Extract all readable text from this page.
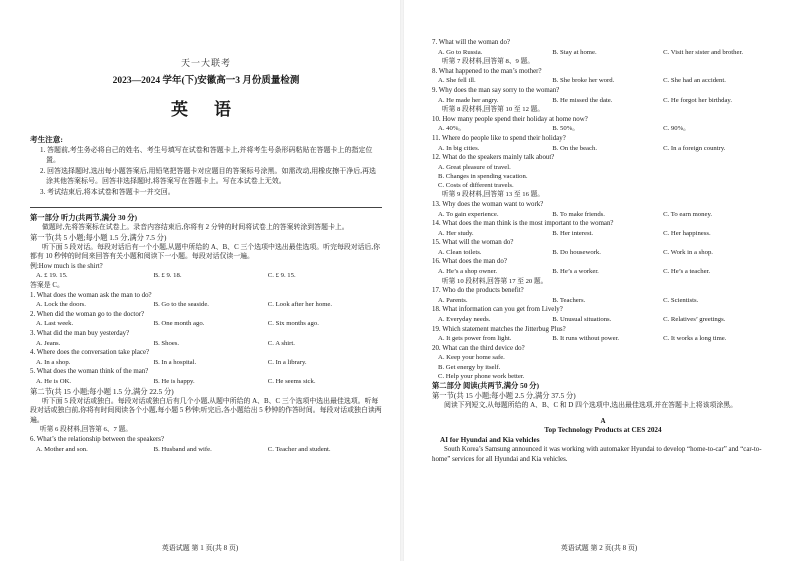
天一大联考
2023—2024 学年(下)安徽高一3 月份质量检测
英 语
考生注意:
1. 答题前,考生务必将自己的姓名、考生号填写在试卷和答题卡上,并将考生号条形码粘贴在答题卡上的指定位置。
2. 回答选择题时,选出每小题答案后,用铅笔把答题卡对应题目的答案标号涂黑。如需改动,用橡皮擦干净后,再选涂其他答案标号。回答非选择题时,将答案写在答题卡上。写在本试卷上无效。
3. 考试结束后,将本试卷和答题卡一并交回。
第一部分 听力(共两节,满分 30 分)
做题时,先将答案标在试卷上。录音内容结束后,你将有 2 分钟的时间将试卷上的答案转涂到答题卡上。
第一节(共 5 小题;每小题 1.5 分,满分 7.5 分)
听下面 5 段对话。每段对话后有一个小题,从题中所给的 A、B、C 三个选项中选出最佳选项。听完每段对话后,你都有 10 秒钟的时间来回答有关小题和阅读下一小题。每段对话仅读一遍。
例:How much is the shirt?
A. £ 19. 15.	B. £ 9. 18.	C. £ 9. 15.
答案是 C。
1. What does the woman ask the man to do?
A. Lock the doors.	B. Go to the seaside.	C. Look after her home.
2. When did the woman go to the doctor?
A. Last week.	B. One month ago.	C. Six months ago.
3. What did the man buy yesterday?
A. Jeans.	B. Shoes.	C. A shirt.
4. Where does the conversation take place?
A. In a shop.	B. In a hospital.	C. In a library.
5. What does the woman think of the man?
A. He is OK.	B. He is happy.	C. He seems sick.
第二节(共 15 小题;每小题 1.5 分,满分 22.5 分)
听下面 5 段对话或独白。每段对话或独白后有几个小题,从题中所给的 A、B、C 三个选项中选出最佳选项。听每段对话或独白前,你将有时间阅读各个小题,每小题 5 秒钟;听完后,各小题给出 5 秒钟的作答时间。每段对话或独白读两遍。
听第 6 段材料,回答第 6、7 题。
6. What’s the relationship between the speakers?
A. Mother and son.	B. Husband and wife.	C. Teacher and student.
英语试题 第 1 页(共 8 页)
7. What will the woman do?
A. Go to Russia.	B. Stay at home.	C. Visit her sister and brother.
听第 7 段材料,回答第 8、9 题。
8. What happened to the man’s mother?
A. She fell ill.	B. She broke her word.	C. She had an accident.
9. Why does the man say sorry to the woman?
A. He made her angry.	B. He missed the date.	C. He forgot her birthday.
听第 8 段材料,回答第 10 至 12 题。
10. How many people spend their holiday at home now?
A. 40%。	B. 50%。	C. 90%。
11. Where do people like to spend their holiday?
A. In big cities.	B. On the beach.	C. In a foreign country.
12. What do the speakers mainly talk about?
A. Great pleasure of travel.
B. Changes in spending vacation.
C. Costs of different travels.
听第 9 段材料,回答第 13 至 16 题。
13. Why does the woman want to work?
A. To gain experience.	B. To make friends.	C. To earn money.
14. What does the man think is the most important to the woman?
A. Her study.	B. Her interest.	C. Her happiness.
15. What will the woman do?
A. Clean toilets.	B. Do housework.	C. Work in a shop.
16. What does the man do?
A. He’s a shop owner.	B. He’s a worker.	C. He’s a teacher.
听第 10 段材料,回答第 17 至 20 题。
17. Who do the products benefit?
A. Parents.	B. Teachers.	C. Scientists.
18. What information can you get from Lively?
A. Everyday needs.	B. Unusual situations.	C. Relatives’ greetings.
19. Which statement matches the Jitterbug Plus?
A. It gets power from light.	B. It runs without power.	C. It works a long time.
20. What can the third device do?
A. Keep your home safe.
B. Get energy by itself.
C. Help your phone work better.
第二部分 阅读(共两节,满分 50 分)
第一节(共 15 小题;每小题 2.5 分,满分 37.5 分)
阅读下列短文,从每题所给的 A、B、C 和 D 四个选项中,选出最佳选项,并在答题卡上将该项涂黑。
A
Top Technology Products at CES 2024
AI for Hyundai and Kia vehicles
South Korea’s Samsung announced it was working with automaker Hyundai to develop “home-to-car” and “car-to-home” services for all Hyundai and Kia vehicles.
英语试题 第 2 页(共 8 页)
